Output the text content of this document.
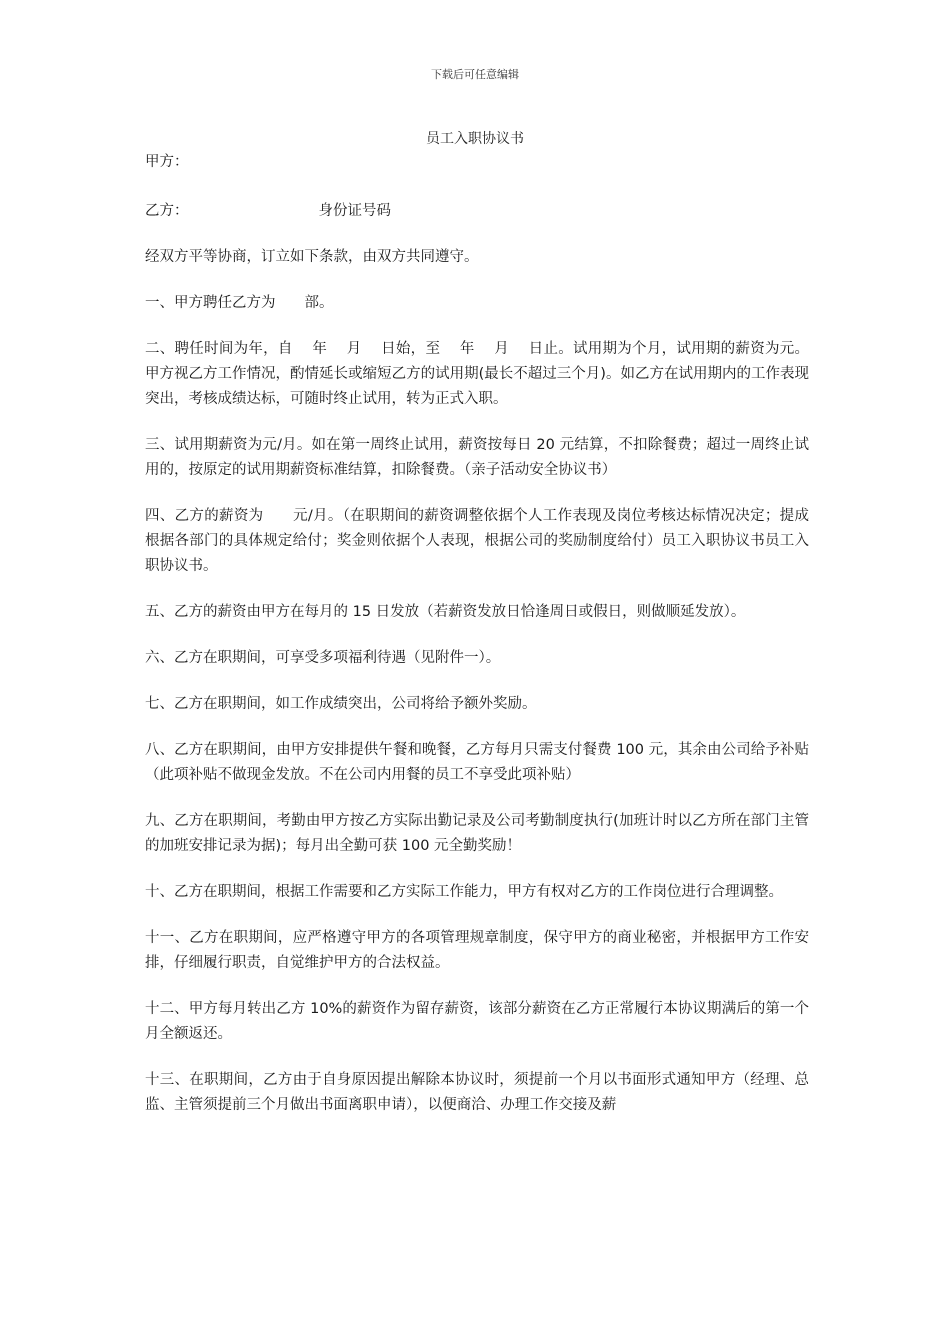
下载后可任意编辑
员工入职协议书

甲方：

乙方：	身份证号码

经双方平等协商，订立如下条款，由双方共同遵守。

一、甲方聘任乙方为　　部。

二、聘任时间为年，自　 年　 月　 日始，至　 年　 月　 日止。试用期为个月，试用期的薪资为元。甲方视乙方工作情况，酌情延长或缩短乙方的试用期(最长不超过三个月)。如乙方在试用期内的工作表现突出，考核成绩达标，可随时终止试用，转为正式入职。

三、试用期薪资为元/月。如在第一周终止试用，薪资按每日 20 元结算，不扣除餐费；超过一周终止试用的，按原定的试用期薪资标准结算，扣除餐费。（亲子活动安全协议书）

四、乙方的薪资为　　元/月。（在职期间的薪资调整依据个人工作表现及岗位考核达标情况决定；提成根据各部门的具体规定给付；奖金则依据个人表现，根据公司的奖励制度给付）员工入职协议书员工入职协议书。

五、乙方的薪资由甲方在每月的 15 日发放（若薪资发放日恰逢周日或假日，则做顺延发放）。

六、乙方在职期间，可享受多项福利待遇（见附件一）。

七、乙方在职期间，如工作成绩突出，公司将给予额外奖励。

八、乙方在职期间，由甲方安排提供午餐和晚餐，乙方每月只需支付餐费 100 元，其余由公司给予补贴（此项补贴不做现金发放。不在公司内用餐的员工不享受此项补贴）

九、乙方在职期间，考勤由甲方按乙方实际出勤记录及公司考勤制度执行(加班计时以乙方所在部门主管的加班安排记录为据)；每月出全勤可获 100 元全勤奖励！

十、乙方在职期间，根据工作需要和乙方实际工作能力，甲方有权对乙方的工作岗位进行合理调整。

十一、乙方在职期间，应严格遵守甲方的各项管理规章制度，保守甲方的商业秘密，并根据甲方工作安排，仔细履行职责，自觉维护甲方的合法权益。

十二、甲方每月转出乙方 10%的薪资作为留存薪资，该部分薪资在乙方正常履行本协议期满后的第一个月全额返还。

十三、在职期间，乙方由于自身原因提出解除本协议时，须提前一个月以书面形式通知甲方（经理、总监、主管须提前三个月做出书面离职申请），以便商洽、办理工作交接及薪
